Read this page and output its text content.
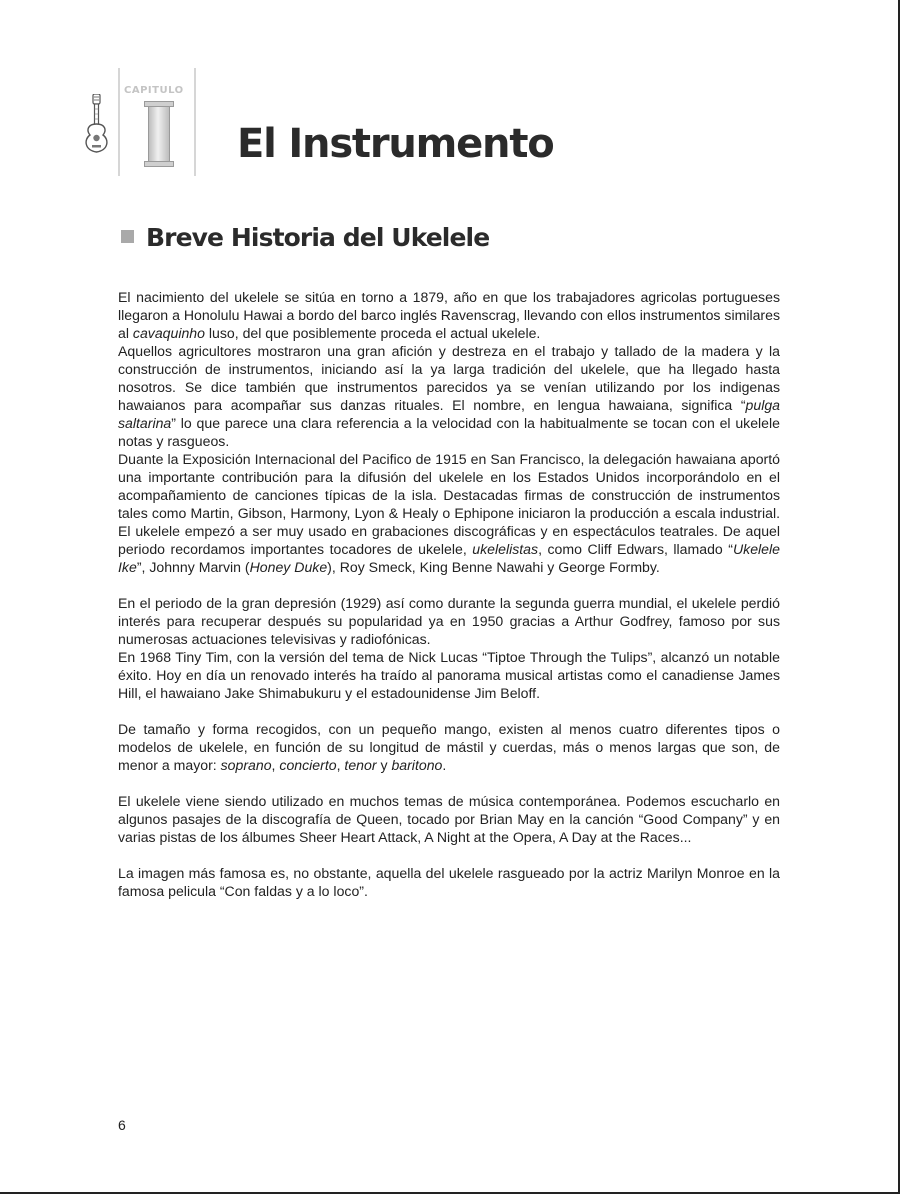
CAPITULO
El Instrumento
Breve Historia del Ukelele

El nacimiento del ukelele se sitúa en torno a 1879, año en que los trabajadores agricolas portugueses llegaron a Honolulu Hawai a bordo del barco inglés Ravenscrag, llevando con ellos instrumentos similares al cavaquinho luso, del que posiblemente proceda el actual ukelele.

Aquellos agricultores mostraron una gran afición y destreza en el trabajo y tallado de la madera y la construcción de instrumentos, iniciando así la ya larga tradición del ukelele, que ha llegado hasta nosotros. Se dice también que instrumentos parecidos ya se venían utilizando por los indigenas hawaianos para acompañar sus danzas rituales. El nombre, en lengua hawaiana, significa “pulga saltarina” lo que parece una clara referencia a la velocidad con la habitualmente se tocan con el ukelele notas y rasgueos.

Duante la Exposición Internacional del Pacifico de 1915 en San Francisco, la delegación hawaiana aportó una importante contribución para la difusión del ukelele en los Estados Unidos incorporándolo en el acompañamiento de canciones típicas de la isla. Destacadas firmas de construcción de instrumentos tales como Martin, Gibson, Harmony, Lyon & Healy o Ephipone iniciaron la producción a escala industrial. El ukelele empezó a ser muy usado en grabaciones discográficas y en espectáculos teatrales. De aquel periodo recordamos importantes tocadores de ukelele, ukelelistas, como Cliff Edwars, llamado “Ukelele Ike”, Johnny Marvin (Honey Duke), Roy Smeck, King Benne Nawahi y George Formby.

En el periodo de la gran depresión (1929) así como durante la segunda guerra mundial, el ukelele perdió interés para recuperar después su popularidad ya en 1950 gracias a Arthur Godfrey, famoso por sus numerosas actuaciones televisivas y radiofónicas.

En 1968 Tiny Tim, con la versión del tema de Nick Lucas “Tiptoe Through the Tulips”, alcanzó un notable éxito. Hoy en día un renovado interés ha traído al panorama musical artistas como el canadiense James Hill, el hawaiano Jake Shimabukuru y el estadounidense Jim Beloff.

De tamaño y forma recogidos, con un pequeño mango, existen al menos cuatro diferentes tipos o modelos de ukelele, en función de su longitud de mástil y cuerdas, más o menos largas que son, de menor a mayor: soprano, concierto, tenor y baritono.

El ukelele viene siendo utilizado en muchos temas de música contemporánea. Podemos escucharlo en algunos pasajes de la discografía de Queen, tocado por Brian May en la canción “Good Company” y en varias pistas de los álbumes Sheer Heart Attack, A Night at the Opera, A Day at the Races...

La imagen más famosa es, no obstante, aquella del ukelele rasgueado por la actriz Marilyn Monroe en la famosa pelicula “Con faldas y a lo loco”.

6
